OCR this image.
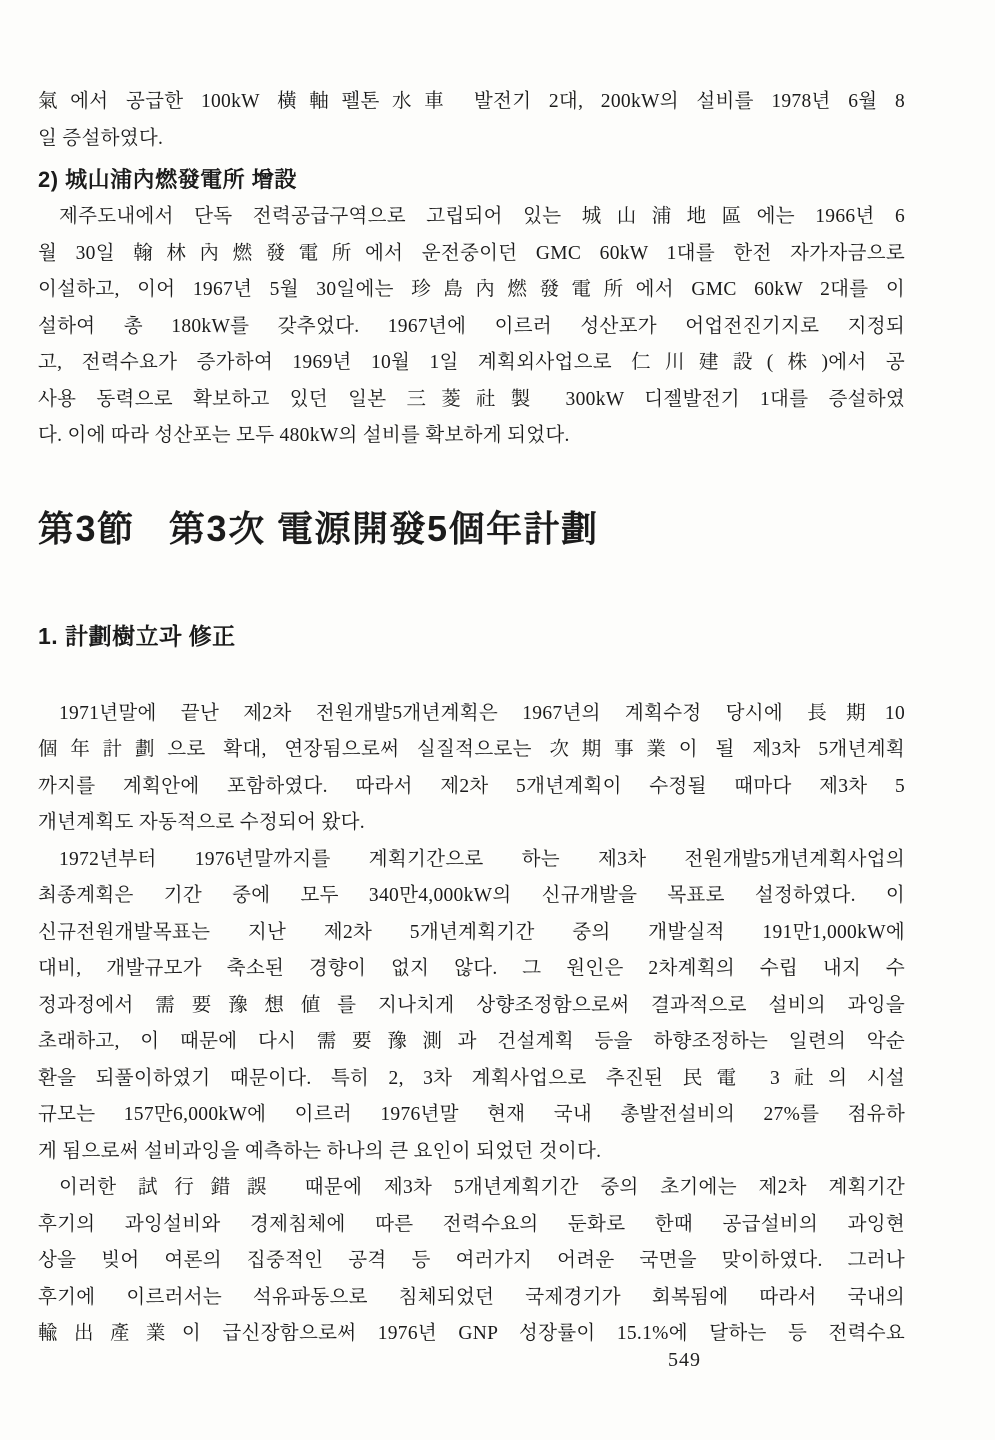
氣에서 공급한 100kW 橫軸펠톤水車 발전기 2대, 200kW의 설비를 1978년 6월 8
일 증설하였다.
2) 城山浦內燃發電所 增設
제주도내에서 단독 전력공급구역으로 고립되어 있는 城山浦地區에는 1966년 6
월 30일 翰林內燃發電所에서 운전중이던 GMC 60kW 1대를 한전 자가자금으로
이설하고, 이어 1967년 5월 30일에는 珍島內燃發電所에서 GMC 60kW 2대를 이
설하여 총 180kW를 갖추었다. 1967년에 이르러 성산포가 어업전진기지로 지정되
고, 전력수요가 증가하여 1969년 10월 1일 계획외사업으로 仁川建設(株)에서 공
사용 동력으로 확보하고 있던 일본 三菱社製 300kW 디젤발전기 1대를 증설하였
다. 이에 따라 성산포는 모두 480kW의 설비를 확보하게 되었다.
第3節   第3次 電源開發5個年計劃
1. 計劃樹立과 修正
1971년말에 끝난 제2차 전원개발5개년계획은 1967년의 계획수정 당시에 長期10
個年計劃으로 확대, 연장됨으로써 실질적으로는 次期事業이 될 제3차 5개년계획
까지를 계획안에 포함하였다. 따라서 제2차 5개년계획이 수정될 때마다 제3차 5
개년계획도 자동적으로 수정되어 왔다.
1972년부터 1976년말까지를 계획기간으로 하는 제3차 전원개발5개년계획사업의
최종계획은 기간 중에 모두 340만4,000kW의 신규개발을 목표로 설정하였다. 이
신규전원개발목표는 지난 제2차 5개년계획기간 중의 개발실적 191만1,000kW에
대비, 개발규모가 축소된 경향이 없지 않다. 그 원인은 2차계획의 수립 내지 수
정과정에서 需要豫想値를 지나치게 상향조정함으로써 결과적으로 설비의 과잉을
초래하고, 이 때문에 다시 需要豫測과 건설계획 등을 하향조정하는 일련의 악순
환을 되풀이하였기 때문이다. 특히 2, 3차 계획사업으로 추진된 民電 3社의 시설
규모는 157만6,000kW에 이르러 1976년말 현재 국내 총발전설비의 27%를 점유하
게 됨으로써 설비과잉을 예측하는 하나의 큰 요인이 되었던 것이다.
이러한 試行錯誤 때문에 제3차 5개년계획기간 중의 초기에는 제2차 계획기간
후기의 과잉설비와 경제침체에 따른 전력수요의 둔화로 한때 공급설비의 과잉현
상을 빚어 여론의 집중적인 공격 등 여러가지 어려운 국면을 맞이하였다. 그러나
후기에 이르러서는 석유파동으로 침체되었던 국제경기가 회복됨에 따라서 국내의
輸出產業이 급신장함으로써 1976년 GNP 성장률이 15.1%에 달하는 등 전력수요
549
